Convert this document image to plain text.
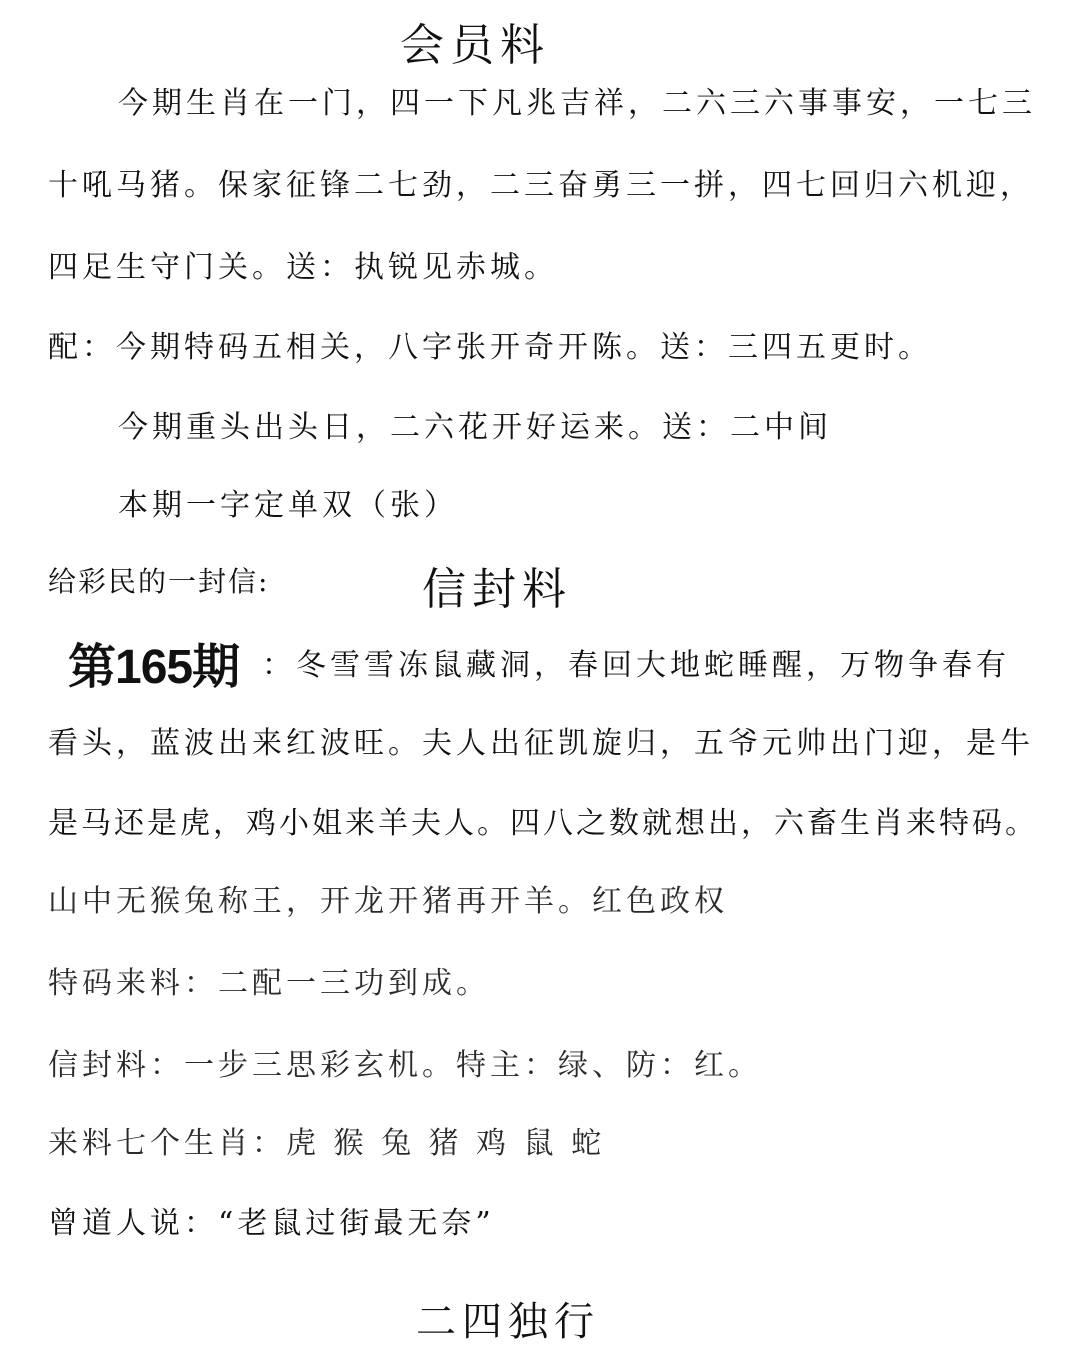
会员料
今期生肖在一门，四一下凡兆吉祥，二六三六事事安，一七三
十吼马猪。保家征锋二七劲，二三奋勇三一拼，四七回归六机迎，
四足生守门关。送：执锐见赤城。
配：今期特码五相关，八字张开奇开陈。送：三四五更时。
今期重头出头日，二六花开好运来。送：二中间
本期一字定单双（张）
给彩民的一封信:	信封料
第165期 ：冬雪雪冻鼠藏洞，春回大地蛇睡醒，万物争春有
看头，蓝波出来红波旺。夫人出征凯旋归，五爷元帅出门迎，是牛
是马还是虎，鸡小姐来羊夫人。四八之数就想出，六畜生肖来特码。
山中无猴兔称王，开龙开猪再开羊。红色政权
特码来料：二配一三功到成。
信封料：一步三思彩玄机。特主：绿、防：红。
来料七个生肖：虎 猴 兔 猪 鸡 鼠 蛇
曾道人说：“老鼠过街最无奈”
二四独行
